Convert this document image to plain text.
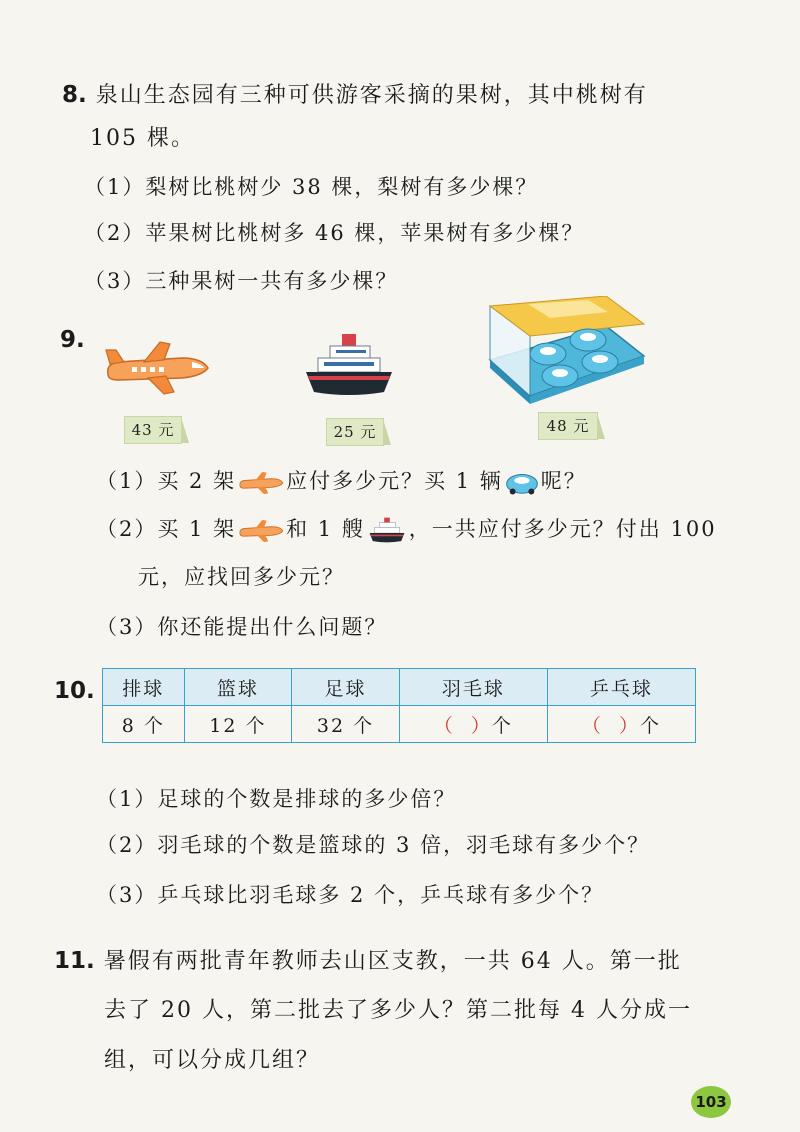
8. 泉山生态园有三种可供游客采摘的果树，其中桃树有
105 棵。
（1）梨树比桃树少 38 棵，梨树有多少棵？
（2）苹果树比桃树多 46 棵，苹果树有多少棵？
（3）三种果树一共有多少棵？
9.
43 元	25 元	48 元
（1）买 2 架 应付多少元？买 1 辆 呢？
（2）买 1 架 和 1 艘 ，一共应付多少元？付出 100
元，应找回多少元？
（3）你还能提出什么问题？
10. 排球	篮球	足球	羽毛球	乒乓球
8 个	12 个	32 个	（ ）个	（ ）个
（1）足球的个数是排球的多少倍？
（2）羽毛球的个数是篮球的 3 倍，羽毛球有多少个？
（3）乒乓球比羽毛球多 2 个，乒乓球有多少个？
11. 暑假有两批青年教师去山区支教，一共 64 人。第一批
去了 20 人，第二批去了多少人？第二批每 4 人分成一
组，可以分成几组？
103
